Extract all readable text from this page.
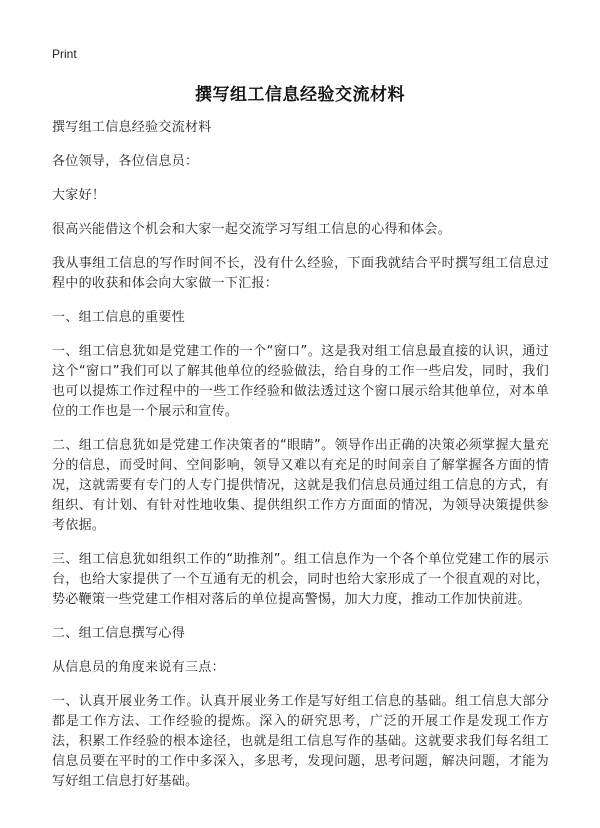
Print
撰写组工信息经验交流材料

撰写组工信息经验交流材料

各位领导，各位信息员：

大家好！

很高兴能借这个机会和大家一起交流学习写组工信息的心得和体会。

我从事组工信息的写作时间不长，没有什么经验，下面我就结合平时撰写组工信息过程中的收获和体会向大家做一下汇报：

一、组工信息的重要性

一、组工信息犹如是党建工作的一个“窗口”。这是我对组工信息最直接的认识，通过这个“窗口”我们可以了解其他单位的经验做法，给自身的工作一些启发，同时，我们也可以提炼工作过程中的一些工作经验和做法透过这个窗口展示给其他单位，对本单位的工作也是一个展示和宣传。

二、组工信息犹如是党建工作决策者的“眼睛”。领导作出正确的决策必须掌握大量充分的信息，而受时间、空间影响，领导又难以有充足的时间亲自了解掌握各方面的情况，这就需要有专门的人专门提供情况，这就是我们信息员通过组工信息的方式，有组织、有计划、有针对性地收集、提供组织工作方方面面的情况，为领导决策提供参考依据。

三、组工信息犹如组织工作的“助推剂”。组工信息作为一个各个单位党建工作的展示台，也给大家提供了一个互通有无的机会，同时也给大家形成了一个很直观的对比，势必鞭策一些党建工作相对落后的单位提高警惕，加大力度，推动工作加快前进。

二、组工信息撰写心得

从信息员的角度来说有三点：

一、认真开展业务工作。认真开展业务工作是写好组工信息的基础。组工信息大部分都是工作方法、工作经验的提炼。深入的研究思考，广泛的开展工作是发现工作方法，积累工作经验的根本途径，也就是组工信息写作的基础。这就要求我们每名组工信息员要在平时的工作中多深入，多思考，发现问题，思考问题，解决问题，才能为写好组工信息打好基础。
